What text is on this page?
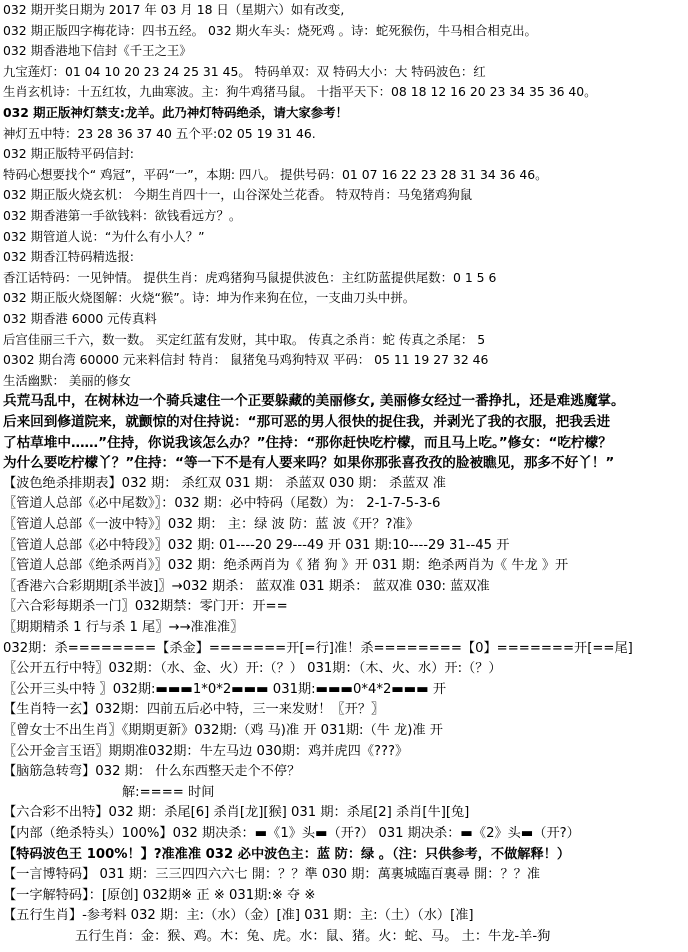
032 期开奖日期为 2017 年 03 月 18 日（星期六）如有改变,
032 期正版四字梅花诗：四书五经。 032 期火车头：烧死鸡 。诗：蛇死猴伤，牛马相合相克出。
032 期香港地下信封《千王之王》
九宝莲灯：01 04 10 20 23 24 25 31 45。 特码单双：双 特码大小：大 特码波色：红
生肖玄机诗：十五红妆，九曲寒波。主：狗牛鸡猪马鼠。 十指平天下：08 18 12 16 20 23 34 35 36 40。
032 期正版神灯禁支:龙羊。此乃神灯特码绝杀，请大家参考！
神灯五中特：23 28 36 37 40 五个平:02 05 19 31 46.
032 期正版特平码信封:
特码心想要找个“ 鸡冠”，平码“一”，本期: 四八。 提供号码：01 07 16 22 23 28 31 34 36 46。
032 期正版火烧玄机： 今期生肖四十一，山谷深处兰花香。 特双特肖：马兔猪鸡狗鼠
032 期香港第一手欲钱料：欲钱看远方？。
032 期管道人说：“为什么有小人？”
032 期香江特码精选报:
香江话特码：一见钟情。 提供生肖：虎鸡猪狗马鼠提供波色：主红防蓝提供尾数：0 1 5 6
032 期正版火烧图解：火烧“猴”。诗：坤为作来狗在位，一支曲刀头中拼。
032 期香港 6000 元传真料
后宫佳丽三千六，数一数。 买定红蓝有发财，其中取。 传真之杀肖：蛇 传真之杀尾： 5
0302 期台湾 60000 元来料信封 特肖： 鼠猪兔马鸡狗特双 平码： 05 11 19 27 32 46
生活幽默： 美丽的修女
兵荒马乱中，在树林边一个骑兵逮住一个正要躲藏的美丽修女, 美丽修女经过一番挣扎，还是难逃魔掌。
后来回到修道院来，就颤惊的对住持说：“那可恶的男人很快的捉住我，并剥光了我的衣服，把我丢进
了枯草堆中……”住持，你说我该怎么办？”住持：“那你赶快吃柠檬，而且马上吃。”修女：“吃柠檬？
为什么要吃柠檬丫？”住持：“等一下不是有人要来吗？如果你那张喜孜孜的脸被瞧见，那多不好丫！”
【波色绝杀排期表】032 期： 杀红双 031 期： 杀蓝双 030 期： 杀蓝双 准
〖管道人总部《必中尾数》〗：032 期：必中特码（尾数）为： 2-1-7-5-3-6
〖管道人总部《一波中特》〗032 期： 主：绿 波 防：蓝 波《开？?准》
〖管道人总部《必中特段》〗032 期: 01----20 29---49 开 031 期:10----29 31--45 开
〖管道人总部《绝杀两肖》〗032 期：绝杀两肖为《 猪 狗 》开 031 期：绝杀两肖为《 牛龙 》开
〖香港六合彩期期[杀半波]〗→032 期杀： 蓝双准 031 期杀： 蓝双准 030: 蓝双准
〖六合彩每期杀一门〗032期禁：零门开：开==
〖期期精杀 1 行与杀 1 尾〗→→准准准〗
032期：杀========【杀金】=======开[=行]准！杀========【0】=======开[==尾]
〖公开五行中特〗032期：（水、金、火）开:（？） 031期：（木、火、水）开:（？）
〖公开三头中特 〗032期:▬▬▬1*0*2▬▬▬ 031期:▬▬▬0*4*2▬▬▬ 开
【生肖特一玄】032期：四前五后必中特，三一来发财！〖开？〗
〖曾女士不出生肖〗《期期更新》032期:（鸡 马)准 开 031期:（牛 龙)准 开
〖公开金言玉语〗期期准032期：牛左马边 030期：鸡并虎四《???》
【脑筋急转弯】032 期： 什么东西整天走个不停？
解:==== 时间
【六合彩不出特】032 期：杀尾[6] 杀肖[龙][猴] 031 期：杀尾[2] 杀肖[牛][兔]
【内部（绝杀特头）100%】032 期决杀：▬《1》头▬（开?） 031 期决杀：▬《2》头▬（开?）
【特码波色王 100%！】?准准准 032 必中波色主：蓝 防：绿 。（注：只供参考，不做解释！）
【一言博特码】 031 期：三三四四六六七 開：？？準 030 期：萬裏城臨百裏尋 開：？？准
【一字解特码】：[原创] 032期※ 正 ※ 031期:※ 夺 ※
【五行生肖】-参考料 032 期：主:（水）（金）[准] 031 期：主:（土）（水）[准]
五行生肖：金：猴、鸡。木：兔、虎。水：鼠、猪。火：蛇、马。 土：牛龙-羊-狗
